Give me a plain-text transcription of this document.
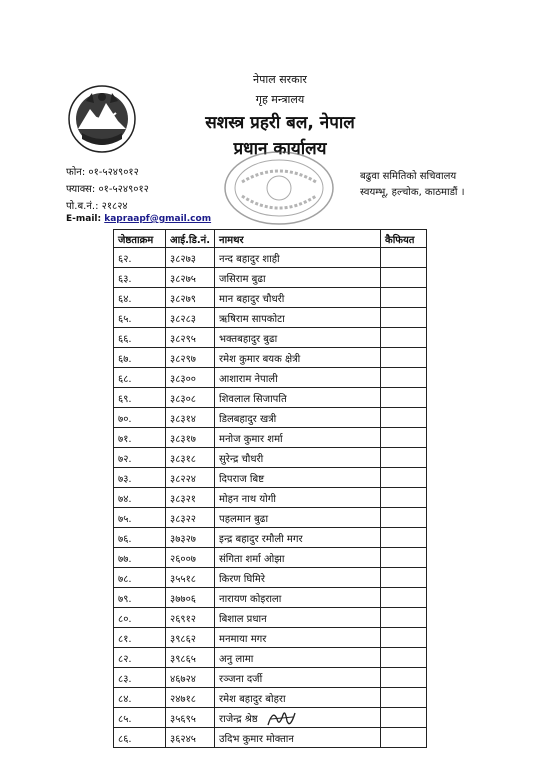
नेपाल सरकार
गृह मन्त्रालय
सशस्त्र प्रहरी बल, नेपाल
प्रधान कार्यालय
फोन: ०१-५२४९०१२
फ्याक्स: ०१-५२४९०१२
पो.ब.नं.: २१८२४
E-mail: kapraapf@gmail.com
बढुवा समितिको सचिवालय
स्वयम्भू, हल्चोक, काठमाडौं ।
जेष्ठताक्रम	आई.डि.नं.	नामथर	कैफियत
६२.	३८२७३	नन्द बहादुर शाही	
६३.	३८२७५	जसिराम बुढा	
६४.	३८२७९	मान बहादुर चौधरी	
६५.	३८२८३	ऋषिराम सापकोटा	
६६.	३८२९५	भक्तबहादुर बुढा	
६७.	३८२९७	रमेश कुमार बयक क्षेत्री	
६८.	३८३००	आशाराम नेपाली	
६९.	३८३०८	शिवलाल सिजापति	
७०.	३८३१४	डिलबहादुर खत्री	
७१.	३८३१७	मनोज कुमार शर्मा	
७२.	३८३१८	सुरेन्द्र चौधरी	
७३.	३८२२४	दिपराज बिष्ट	
७४.	३८३२१	मोहन नाथ योगी	
७५.	३८३२२	पहलमान बुढा	
७६.	३७३२७	इन्द्र बहादुर रमौली मगर	
७७.	२६००७	संगिता शर्मा ओझा	
७८.	३५५१८	किरण घिमिरे	
७९.	३७७०६	नारायण कोइराला	
८०.	२६९१२	बिशाल प्रधान	
८१.	३९८६२	मनमाया मगर	
८२.	३९८६५	अनु लामा	
८३.	४६७२४	रञ्जना दर्जी	
८४.	२४७१८	रमेश बहादुर बोहरा	
८५.	३५६९५	राजेन्द्र श्रेष्ठ	
८६.	३६२४५	उदिभ कुमार मोक्तान	
